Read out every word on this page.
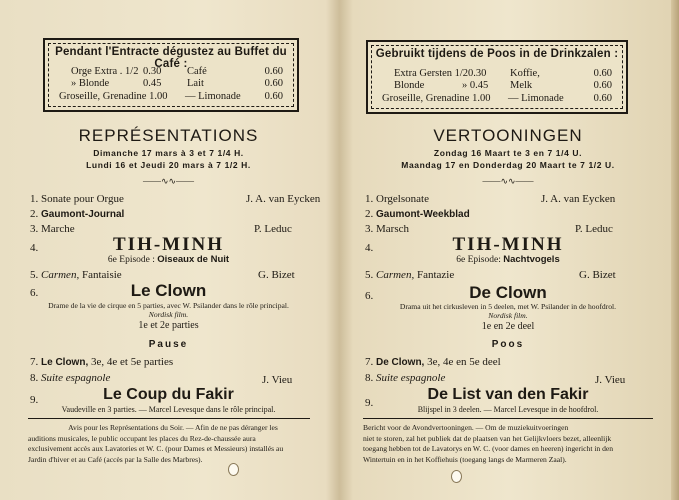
Pendant l'Entracte dégustez au Buffet du Café :
Orge Extra . 1/2 0.30 Café	0.60
» Blonde	0.45 Lait	0.60
Groseille, Grenadine 1.00 — Limonade 0.60
REPRÉSENTATIONS
Dimanche 17 mars à 3 et 7 1/4 H.
Lundi 16 et Jeudi 20 mars à 7 1/2 H.
——∿∿——
1. Sonate pour Orgue	J. A. van Eycken
2. Gaumont-Journal
3. Marche	P. Leduc
4.	TIH-MINH
6e Episode : Oiseaux de Nuit
5. Carmen, Fantaisie	G. Bizet
6.	Le Clown
Drame de la vie de cirque en 5 parties, avec W. Psilander dans le rôle principal.
Nordisk film.
1e et 2e parties
Pause
7. Le Clown, 3e, 4e et 5e parties
8. Suite espagnole	J. Vieu
9.	Le Coup du Fakir
Vaudeville en 3 parties. — Marcel Levesque dans le rôle principal.
Avis pour les Représentations du Soir. — Afin de ne pas déranger les
auditions musicales, le public occupant les places du Rez-de-chaussée aura
exclusivement accès aux Lavatories et W. C. (pour Dames et Messieurs) installés au
Jardin d'hiver et au Café (accès par la Salle des Marbres).
Gebruikt tijdens de Poos in de Drinkzalen :
Extra Gersten 1/2 0.30 Koffie,	0.60
Blonde	» 0.45 Melk	0.60
Groseille, Grenadine 1.00 — Limonade	0.60
VERTOONINGEN
Zondag 16 Maart te 3 en 7 1/4 U.
Maandag 17 en Donderdag 20 Maart te 7 1/2 U.
——∿∿——
1. Orgelsonate	J. A. van Eycken
2. Gaumont-Weekblad
3. Marsch	P. Leduc
4.	TIH-MINH
6e Episode: Nachtvogels
5. Carmen, Fantazie	G. Bizet
6.	De Clown
Drama uit het cirkusleven in 5 deelen, met W. Psilander in de hoofdrol.
Nordisk film.
1e en 2e deel
Poos
7. De Clown, 3e, 4e en 5e deel
8. Suite espagnole	J. Vieu
9.	De List van den Fakir
Blijspel in 3 deelen. — Marcel Levesque in de hoofdrol.
Bericht voor de Avondvertooningen. — Om de muziekuitvoeringen
niet te storen, zal het publiek dat de plaatsen van het Gelijkvloers bezet, alleenlijk
toegang hebben tot de Lavatorys en W. C. (voor dames en heeren) ingericht in den
Wintertuin en in het Koffiehuis (toegang langs de Marmeren Zaal).
